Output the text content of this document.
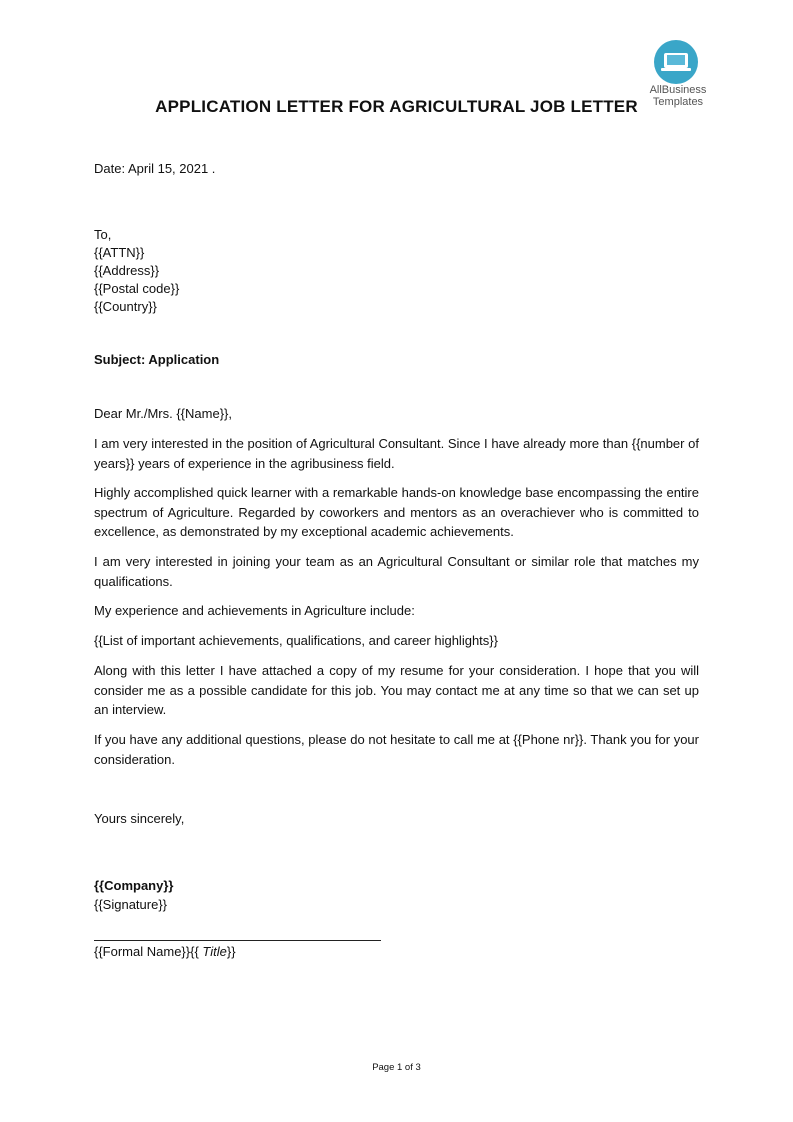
AllBusiness
Templates
APPLICATION LETTER FOR AGRICULTURAL JOB LETTER
Date: April 15, 2021 .
To,
{{ATTN}}
{{Address}}
{{Postal code}}
{{Country}}
Subject: Application
Dear Mr./Mrs. {{Name}},
I am very interested in the position of Agricultural Consultant. Since I have already more than {{number of years}} years of experience in the agribusiness field.
Highly accomplished quick learner with a remarkable hands-on knowledge base encompassing the entire spectrum of Agriculture. Regarded by coworkers and mentors as an overachiever who is committed to excellence, as demonstrated by my exceptional academic achievements.
I am very interested in joining your team as an Agricultural Consultant or similar role that matches my qualifications.
My experience and achievements in Agriculture include:
{{List of important achievements, qualifications, and career highlights}}
Along with this letter I have attached a copy of my resume for your consideration. I hope that you will consider me as a possible candidate for this job. You may contact me at any time so that we can set up an interview.
If you have any additional questions, please do not hesitate to call me at {{Phone nr}}. Thank you for your consideration.
Yours sincerely,
{{Company}}
{{Signature}}
{{Formal Name}}{{ Title}}
Page 1 of 3
